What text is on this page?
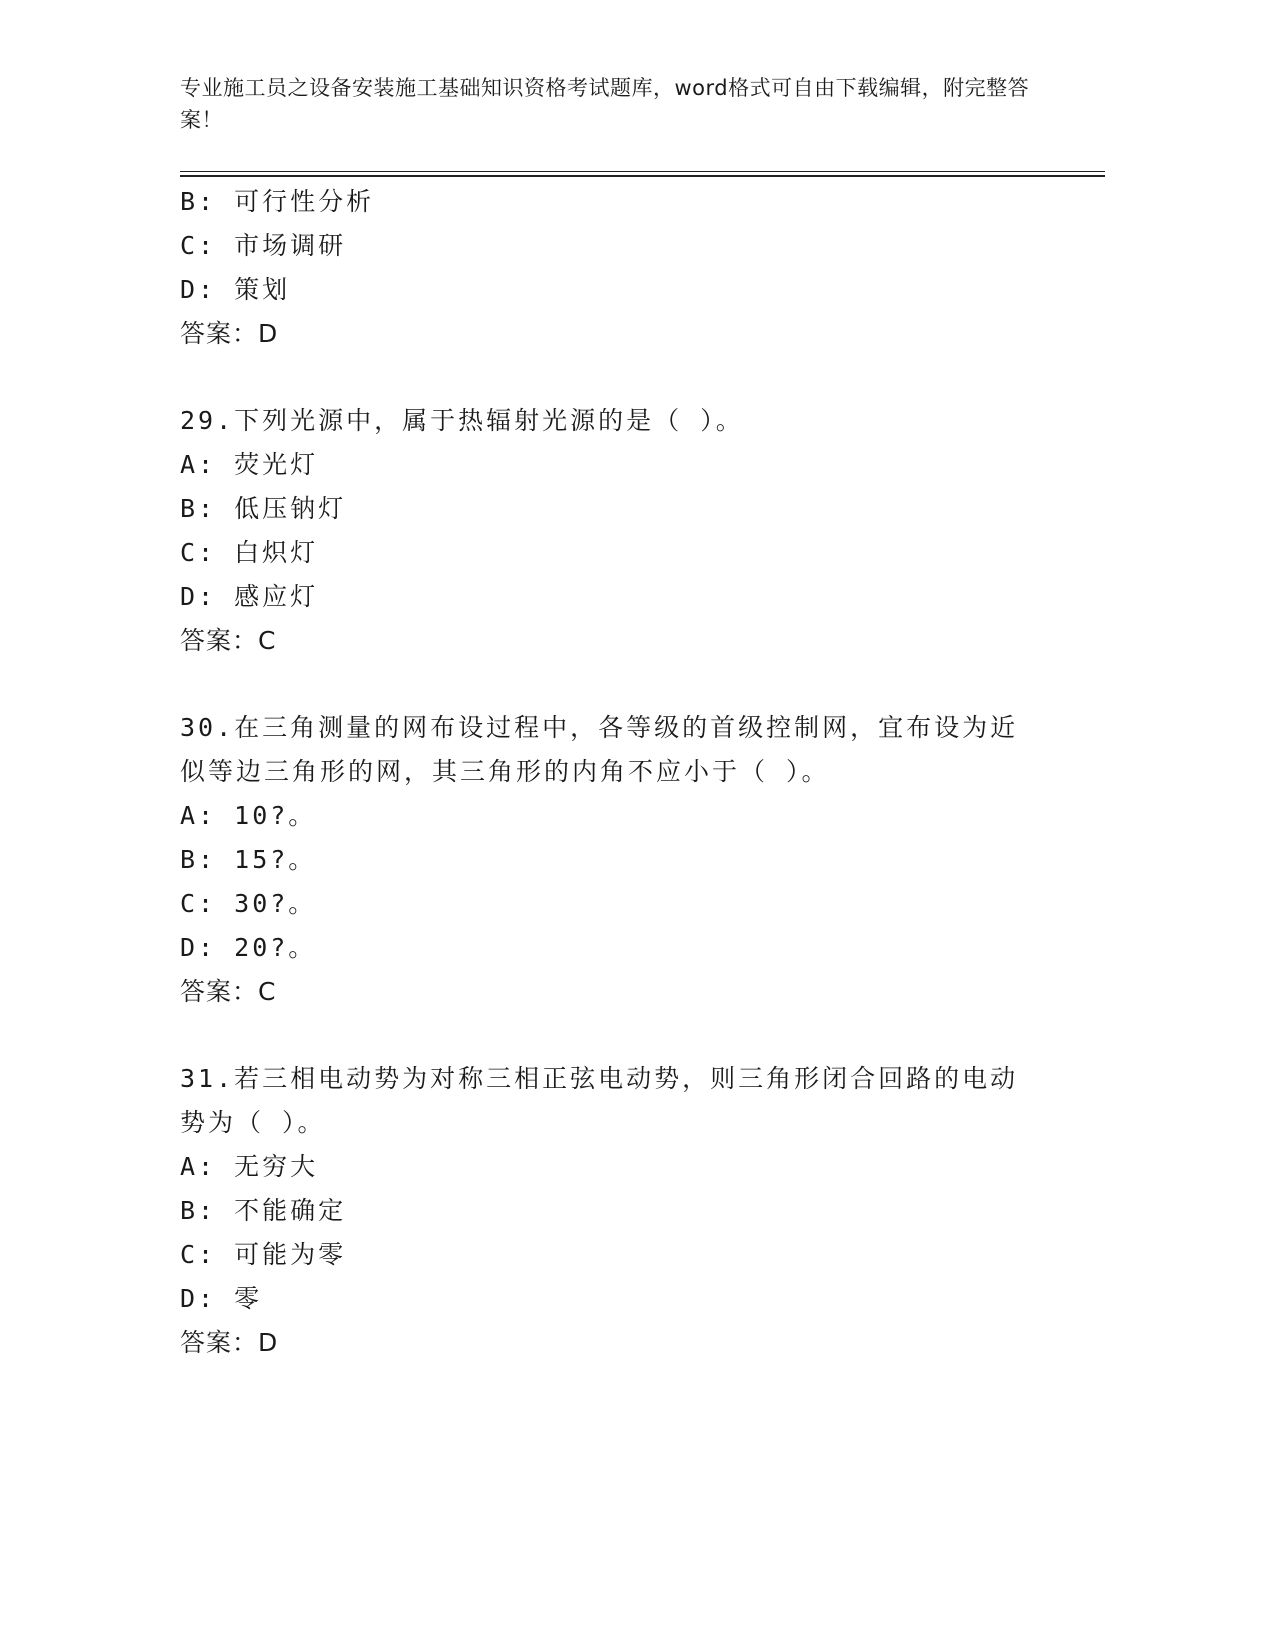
专业施工员之设备安装施工基础知识资格考试题库，word格式可自由下载编辑，附完整答案！
B: 可行性分析
C: 市场调研
D: 策划
答案：D
29.下列光源中，属于热辐射光源的是（ ）。
A: 荧光灯
B: 低压钠灯
C: 白炽灯
D: 感应灯
答案：C
30.在三角测量的网布设过程中，各等级的首级控制网，宜布设为近似等边三角形的网，其三角形的内角不应小于（ ）。
A: 10?。
B: 15?。
C: 30?。
D: 20?。
答案：C
31.若三相电动势为对称三相正弦电动势，则三角形闭合回路的电动势为（ ）。
A: 无穷大
B: 不能确定
C: 可能为零
D: 零
答案：D
